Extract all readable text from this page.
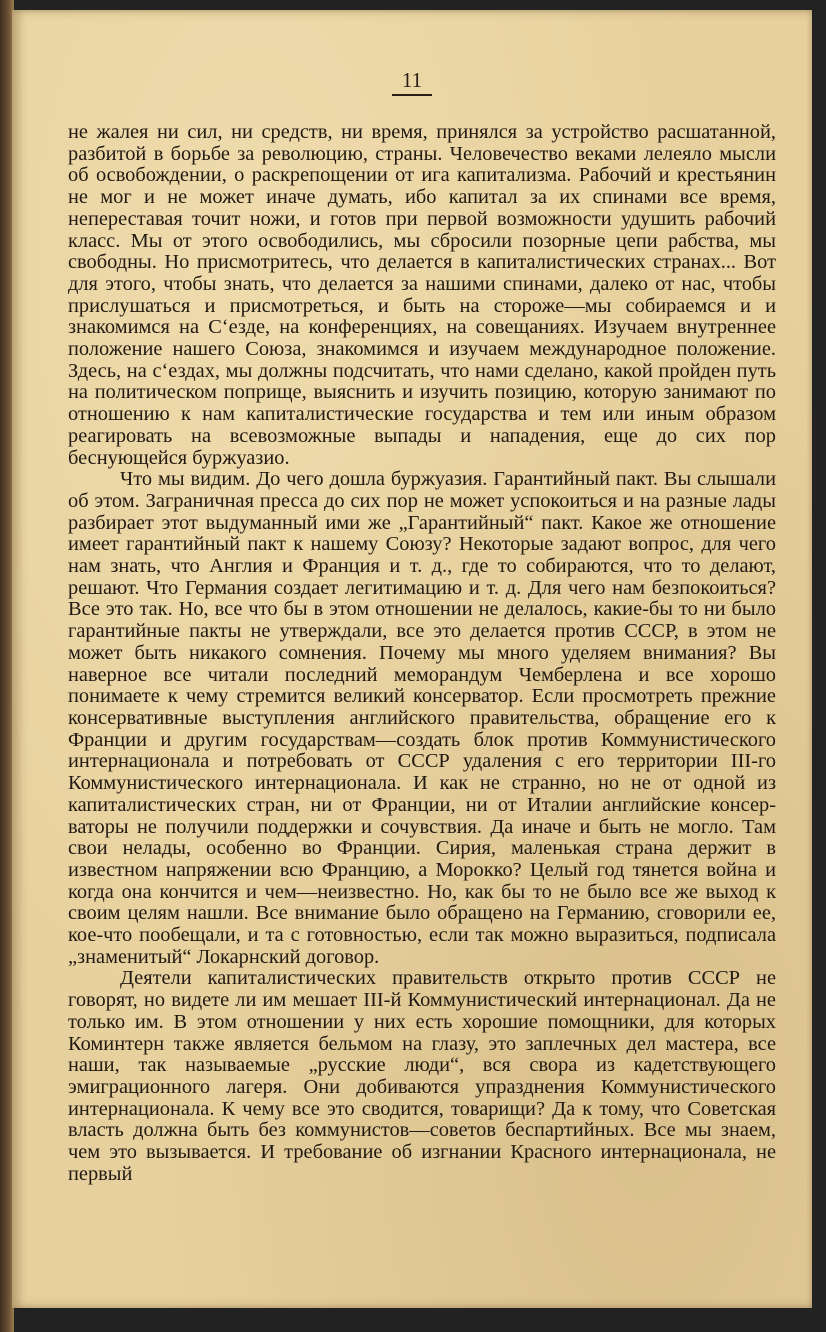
11

не жалея ни сил, ни средств, ни время, принялся за устройство расшатанной, разбитой в борьбе за революцию, страны. Человечество веками лелеяло мысли об освобождении, о раскрепощении от ига капитализма. Рабочий и крестьянин не мог и не может иначе думать, ибо капитал за их спинами все время, непереставая точит ножи, и готов при первой возможности удушить рабочий класс. Мы от этого освободились, мы сбросили позорные цепи рабства, мы свободны. Но присмотритесь, что делается в капиталистических странах... Вот для этого, чтобы знать, что делается за нашими спинами, далеко от нас, чтобы прислушаться и присмотреться, и быть на стороже—мы собираемся и и знакомимся на С‘езде, на конференциях, на совещаниях. Изучаем внутреннее положение нашего Союза, знакомимся и изучаем международное положение. Здесь, на с‘ездах, мы должны подсчитать, что нами сделано, какой пройден путь на политическом поприще, выяснить и изучить позицию, которую занимают по отношению к нам капиталистические государства и тем или иным образом реагировать на всевозможные выпады и нападения, еще до сих пор беснующейся буржуазио.

Что мы видим. До чего дошла буржуазия. Гарантийный пакт. Вы слышали об этом. Заграничная пресса до сих пор не может успокоиться и на разные лады разбирает этот выдуманный ими же „Гарантийный“ пакт. Какое же отношение имеет гарантийный пакт к нашему Союзу? Некоторые задают вопрос, для чего нам знать, что Англия и Франция и т. д., где то собираются, что то делают, решают. Что Германия создает легитимацию и т. д. Для чего нам безпокоиться? Все это так. Но, все что бы в этом отношении не делалось, какие-бы то ни было гарантийные пакты не утверждали, все это делается против СССР, в этом не может быть никакого сомнения. Почему мы много уделяем внимания? Вы наверное все читали последний меморандум Чемберлена и все хорошо понимаете к чему стремится великий консерватор. Если просмотреть прежние консервативные выступления английского правительства, обращение его к Франции и другим государствам—создать блок против Коммунистического интернационала и потребовать от СССР удаления с его территории III-го Коммунистического интернационала. И как не странно, но не от одной из капиталистических стран, ни от Франции, ни от Италии английские консерваторы не получили поддержки и сочувствия. Да иначе и быть не могло. Там свои нелады, особенно во Франции. Сирия, маленькая страна держит в известном напряжении всю Францию, а Морокко? Целый год тянется война и когда она кончится и чем—неизвестно. Но, как бы то не было все же выход к своим целям нашли. Все внимание было обращено на Германию, сговорили ее, кое-что пообещали, и та с готовностью, если так можно выразиться, подписала „знаменитый“ Локарнский договор.

Деятели капиталистических правительств открыто против СССР не говорят, но видете ли им мешает III-й Коммунистический интернационал. Да не только им. В этом отношении у них есть хорошие помощники, для которых Коминтерн также является бельмом на глазу, это заплечных дел мастера, все наши, так называемые „русские люди“, вся свора из кадетствующего эмиграционного лагеря. Они добиваются упразднения Коммунистического интернационала. К чему все это сводится, товарищи? Да к тому, что Советская власть должна быть без коммунистов—советов беспартийных. Все мы знаем, чем это вызывается. И требование об изгнании Красного интернационала, не первый
